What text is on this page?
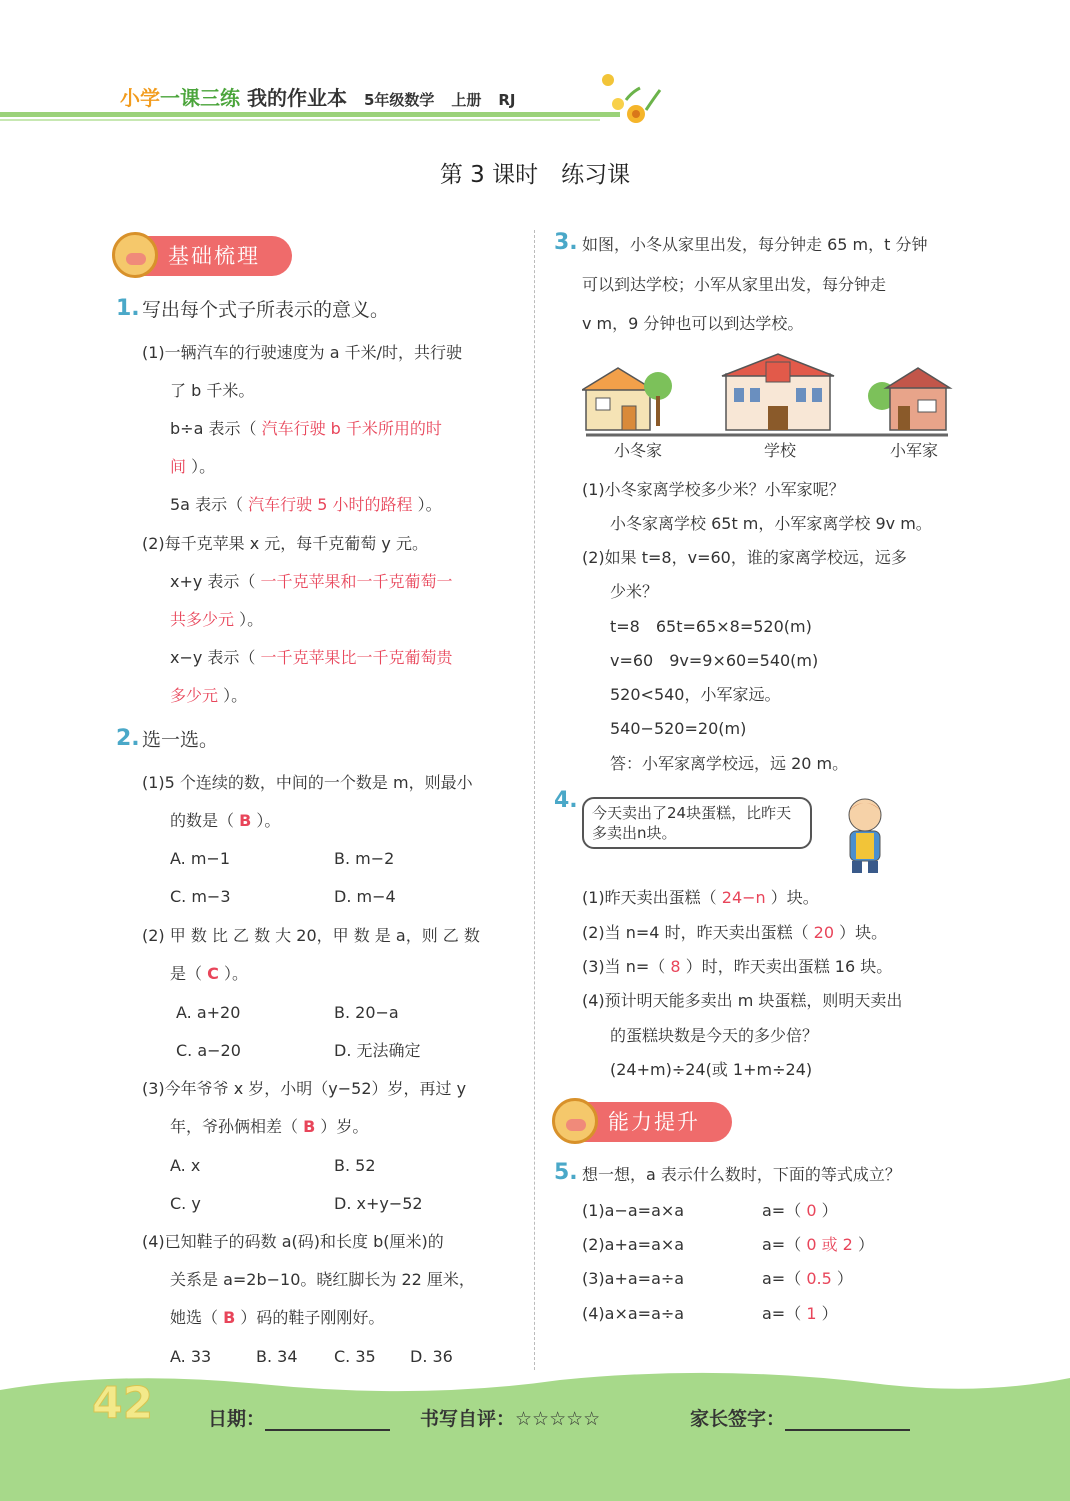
小学一课三练 我的作业本 5年级数学 上册 RJ
第 3 课时　练习课
基础梳理
1. 写出每个式子所表示的意义。
(1)一辆汽车的行驶速度为 a 千米/时，共行驶
了 b 千米。
b÷a 表示（ 汽车行驶 b 千米所用的时
间 ）。
5a 表示（ 汽车行驶 5 小时的路程 ）。
(2)每千克苹果 x 元，每千克葡萄 y 元。
x+y 表示（ 一千克苹果和一千克葡萄一
共多少元 ）。
x−y 表示（ 一千克苹果比一千克葡萄贵
多少元 ）。
2. 选一选。
(1)5 个连续的数，中间的一个数是 m，则最小
的数是（ B ）。
A. m−1	B. m−2
C. m−3	D. m−4
(2) 甲 数 比 乙 数 大 20，甲 数 是 a，则 乙 数
是（ C ）。
A. a+20	B. 20−a
C. a−20	D. 无法确定
(3)今年爷爷 x 岁，小明（y−52）岁，再过 y
年，爷孙俩相差（ B ）岁。
A. x	B. 52
C. y	D. x+y−52
(4)已知鞋子的码数 a(码)和长度 b(厘米)的
关系是 a=2b−10。晓红脚长为 22 厘米，
她选（ B ）码的鞋子刚刚好。
A. 33	B. 34 C. 35 D. 36
3. 如图，小冬从家里出发，每分钟走 65 m，t 分钟
可以到达学校；小军从家里出发，每分钟走
v m，9 分钟也可以到达学校。
小冬家	学校	小军家
(1)小冬家离学校多少米？小军家呢？
小冬家离学校 65t m，小军家离学校 9v m。
(2)如果 t=8，v=60，谁的家离学校远，远多
少米？
t=8　65t=65×8=520(m)
v=60　9v=9×60=540(m)
520<540，小军家远。
540−520=20(m)
答：小军家离学校远，远 20 m。
4. 今天卖出了24块蛋糕，比昨天多卖出n块。
(1)昨天卖出蛋糕（ 24−n ）块。
(2)当 n=4 时，昨天卖出蛋糕（ 20 ）块。
(3)当 n=（ 8 ）时，昨天卖出蛋糕 16 块。
(4)预计明天能多卖出 m 块蛋糕，则明天卖出
的蛋糕块数是今天的多少倍？
(24+m)÷24(或 1+m÷24)
能力提升
5. 想一想，a 表示什么数时，下面的等式成立？
(1)a−a=a×a	a=（ 0 ）
(2)a+a=a×a	a=（ 0 或 2 ）
(3)a+a=a÷a	a=（ 0.5 ）
(4)a×a=a÷a	a=（ 1 ）
42	日期：	书写自评：☆☆☆☆☆	家长签字：
